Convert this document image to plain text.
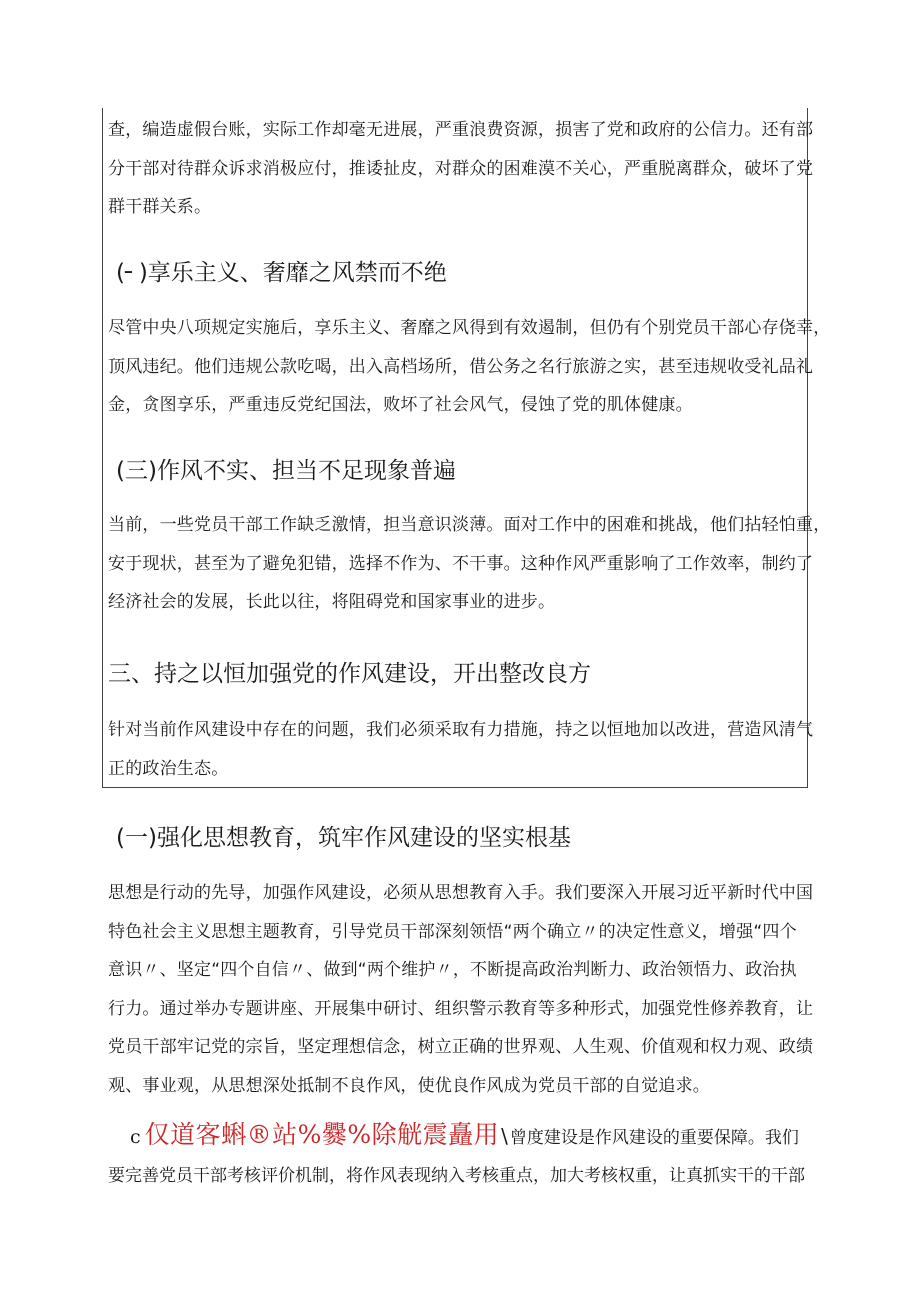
查，编造虚假台账，实际工作却毫无进展，严重浪费资源，损害了党和政府的公信力。还有部
分干部对待群众诉求消极应付，推诿扯皮，对群众的困难漠不关心，严重脱离群众，破坏了党
群干群关系。
(╴)享乐主义、奢靡之风禁而不绝
尽管中央八项规定实施后，享乐主义、奢靡之风得到有效遏制，但仍有个别党员干部心存侥幸，
顶风违纪。他们违规公款吃喝，出入高档场所，借公务之名行旅游之实，甚至违规收受礼品礼
金，贪图享乐，严重违反党纪国法，败坏了社会风气，侵蚀了党的肌体健康。
(三)作风不实、担当不足现象普遍
当前，一些党员干部工作缺乏激情，担当意识淡薄。面对工作中的困难和挑战，他们拈轻怕重，
安于现状，甚至为了避免犯错，选择不作为、不干事。这种作风严重影响了工作效率，制约了
经济社会的发展，长此以往，将阻碍党和国家事业的进步。
三、持之以恒加强党的作风建设，开出整改良方
针对当前作风建设中存在的问题，我们必须采取有力措施，持之以恒地加以改进，营造风清气
正的政治生态。
(一)强化思想教育，筑牢作风建设的坚实根基
思想是行动的先导，加强作风建设，必须从思想教育入手。我们要深入开展习近平新时代中国
特色社会主义思想主题教育，引导党员干部深刻领悟“两个确立〃的决定性意义，增强“四个
意识〃、坚定“四个自信〃、做到“两个维护〃，不断提高政治判断力、政治领悟力、政治执
行力。通过举办专题讲座、开展集中研讨、组织警示教育等多种形式，加强党性修养教育，让
党员干部牢记党的宗旨，坚定理想信念，树立正确的世界观、人生观、价值观和权力观、政绩
观、事业观，从思想深处抵制不良作风，使优良作风成为党员干部的自觉追求。
c 仅道客蝌®站%爨%除觥震矗用 \ 曾度建设是作风建设的重要保障。我们
要完善党员干部考核评价机制，将作风表现纳入考核重点，加大考核权重，让真抓实干的干部
